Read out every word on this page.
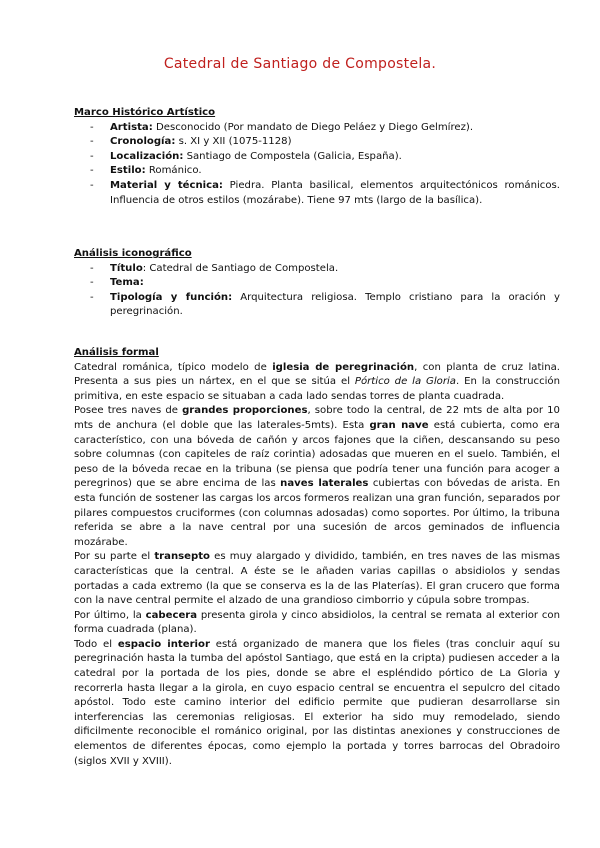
Catedral de Santiago de Compostela.
Marco Histórico Artístico
- Artista: Desconocido (Por mandato de Diego Peláez y Diego Gelmírez).
- Cronología: s. XI y XII (1075-1128)
- Localización: Santiago de Compostela (Galicia, España).
- Estilo: Románico.
- Material y técnica: Piedra. Planta basilical, elementos arquitectónicos románicos. Influencia de otros estilos (mozárabe). Tiene 97 mts (largo de la basílica).
Análisis iconográfico
- Título: Catedral de Santiago de Compostela.
- Tema:
- Tipología y función: Arquitectura religiosa. Templo cristiano para la oración y peregrinación.
Análisis formal

Catedral románica, típico modelo de iglesia de peregrinación, con planta de cruz latina. Presenta a sus pies un nártex, en el que se sitúa el Pórtico de la Gloria. En la construcción primitiva, en este espacio se situaban a cada lado sendas torres de planta cuadrada.

Posee tres naves de grandes proporciones, sobre todo la central, de 22 mts de alta por 10 mts de anchura (el doble que las laterales-5mts). Esta gran nave está cubierta, como era característico, con una bóveda de cañón y arcos fajones que la ciñen, descansando su peso sobre columnas (con capiteles de raíz corintia) adosadas que mueren en el suelo. También, el peso de la bóveda recae en la tribuna (se piensa que podría tener una función para acoger a peregrinos) que se abre encima de las naves laterales cubiertas con bóvedas de arista. En esta función de sostener las cargas los arcos formeros realizan una gran función, separados por pilares compuestos cruciformes (con columnas adosadas) como soportes. Por último, la tribuna referida se abre a la nave central por una sucesión de arcos geminados de influencia mozárabe.

Por su parte el transepto es muy alargado y dividido, también, en tres naves de las mismas características que la central. A éste se le añaden varias capillas o absidiolos y sendas portadas a cada extremo (la que se conserva es la de las Platerías). El gran crucero que forma con la nave central permite el alzado de una grandioso cimborrio y cúpula sobre trompas.

Por último, la cabecera presenta girola y cinco absidiolos, la central se remata al exterior con forma cuadrada (plana).

Todo el espacio interior está organizado de manera que los fieles (tras concluir aquí su peregrinación hasta la tumba del apóstol Santiago, que está en la cripta) pudiesen acceder a la catedral por la portada de los pies, donde se abre el espléndido pórtico de La Gloria y recorrerla hasta llegar a la girola, en cuyo espacio central se encuentra el sepulcro del citado apóstol. Todo este camino interior del edificio permite que pudieran desarrollarse sin interferencias las ceremonias religiosas. El exterior ha sido muy remodelado, siendo dificilmente reconocible el románico original, por las distintas anexiones y construcciones de elementos de diferentes épocas, como ejemplo la portada y torres barrocas del Obradoiro (siglos XVII y XVIII).
